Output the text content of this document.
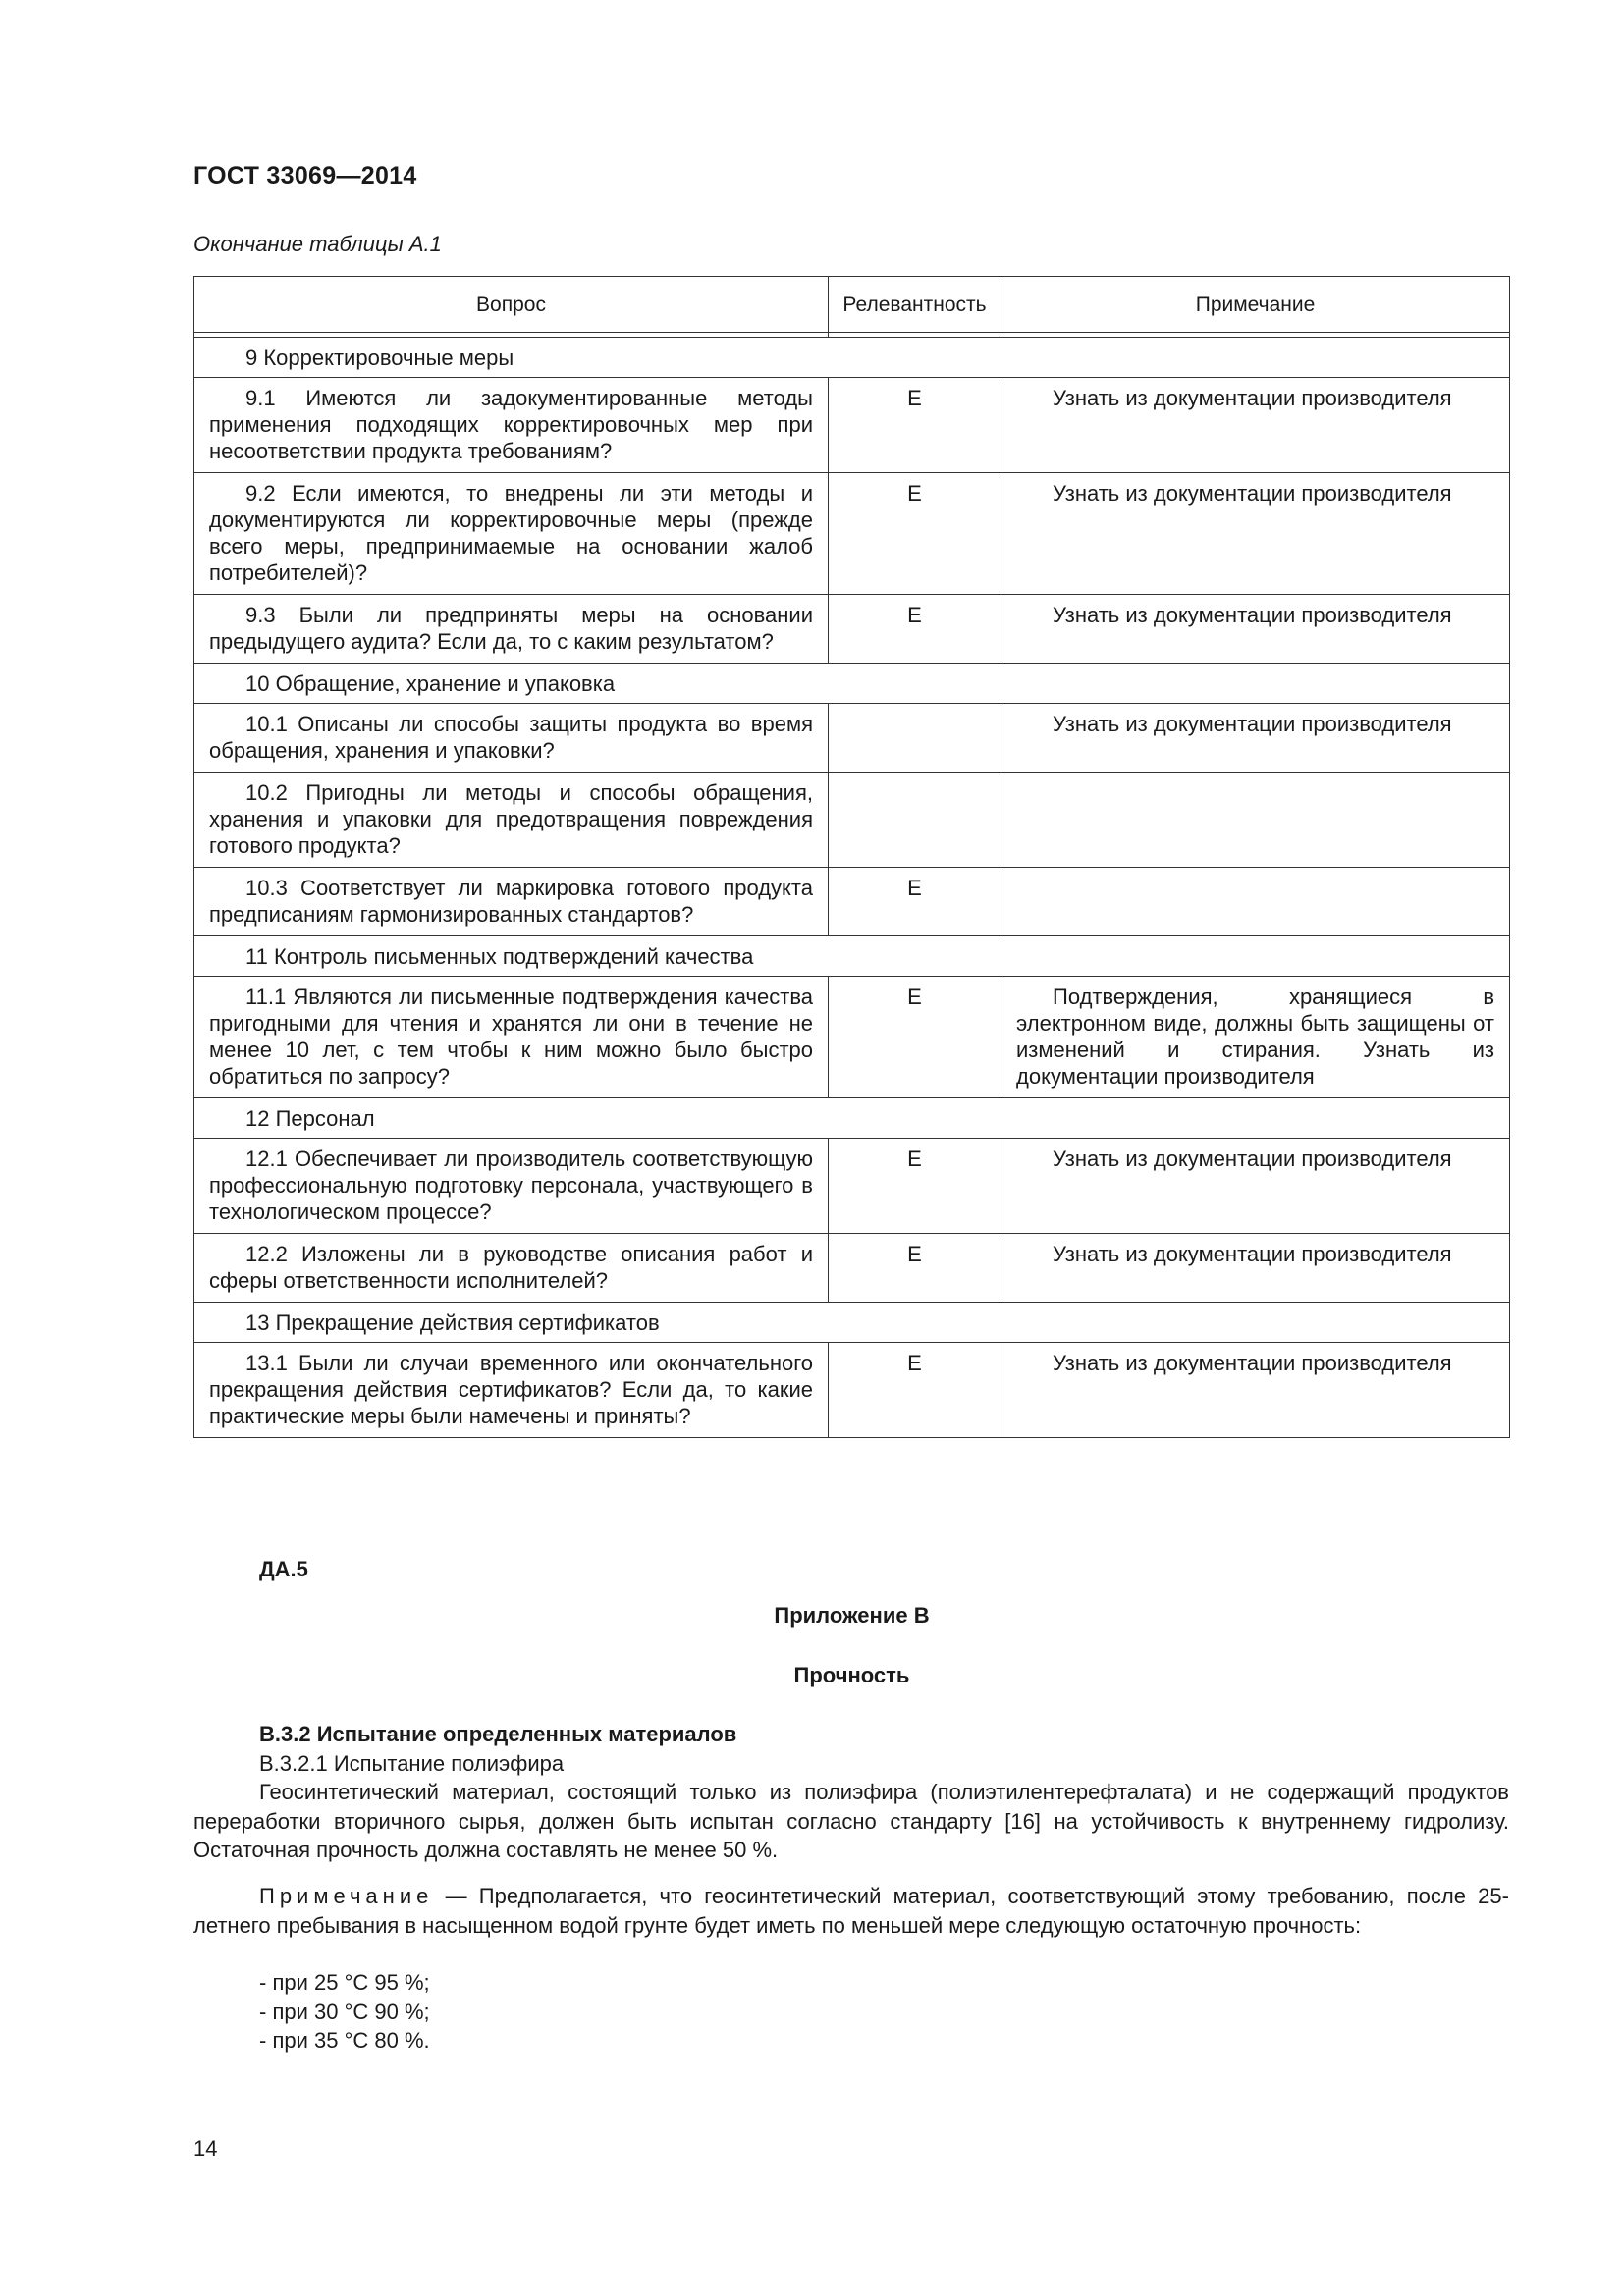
ГОСТ 33069—2014
Окончание таблицы А.1
Вопрос	Релевантность	Примечание

9 Корректировочные меры		
9.1 Имеются ли задокументированные методы применения подходящих корректировочных мер при несоответствии продукта требованиям?	Е	Узнать из документации производителя
9.2 Если имеются, то внедрены ли эти методы и документируются ли корректировочные меры (прежде всего меры, предпринимаемые на основании жалоб потребителей)?	Е	Узнать из документации производителя
9.3 Были ли предприняты меры на основании предыдущего аудита? Если да, то с каким результатом?	Е	Узнать из документации производителя
10 Обращение, хранение и упаковка		
10.1 Описаны ли способы защиты продукта во время обращения, хранения и упаковки?		Узнать из документации производителя
10.2 Пригодны ли методы и способы обращения, хранения и упаковки для предотвращения повреждения готового продукта?		
10.3 Соответствует ли маркировка готового продукта предписаниям гармонизированных стандартов?	Е	
11 Контроль письменных подтверждений качества		
11.1 Являются ли письменные подтверждения качества пригодными для чтения и хранятся ли они в течение не менее 10 лет, с тем чтобы к ним можно было быстро обратиться по запросу?	Е	Подтверждения, хранящиеся в электронном виде, должны быть защищены от изменений и стирания. Узнать из документации производителя
12 Персонал		
12.1 Обеспечивает ли производитель соответствующую профессиональную подготовку персонала, участвующего в технологическом процессе?	Е	Узнать из документации производителя
12.2 Изложены ли в руководстве описания работ и сферы ответственности исполнителей?	Е	Узнать из документации производителя
13 Прекращение действия сертификатов		
13.1 Были ли случаи временного или окончательного прекращения действия сертификатов? Если да, то какие практические меры были намечены и приняты?	Е	Узнать из документации производителя
ДА.5
Приложение В
Прочность
В.3.2 Испытание определенных материалов
В.3.2.1 Испытание полиэфира
Геосинтетический материал, состоящий только из полиэфира (полиэтилентерефталата) и не содержащий продуктов переработки вторичного сырья, должен быть испытан согласно стандарту [16] на устойчивость к внутреннему гидролизу. Остаточная прочность должна составлять не менее 50 %.
Примечание — Предполагается, что геосинтетический материал, соответствующий этому требованию, после 25-летнего пребывания в насыщенном водой грунте будет иметь по меньшей мере следующую остаточную прочность:
- при 25 °С 95 %;
- при 30 °С 90 %;
- при 35 °С 80 %.
14
